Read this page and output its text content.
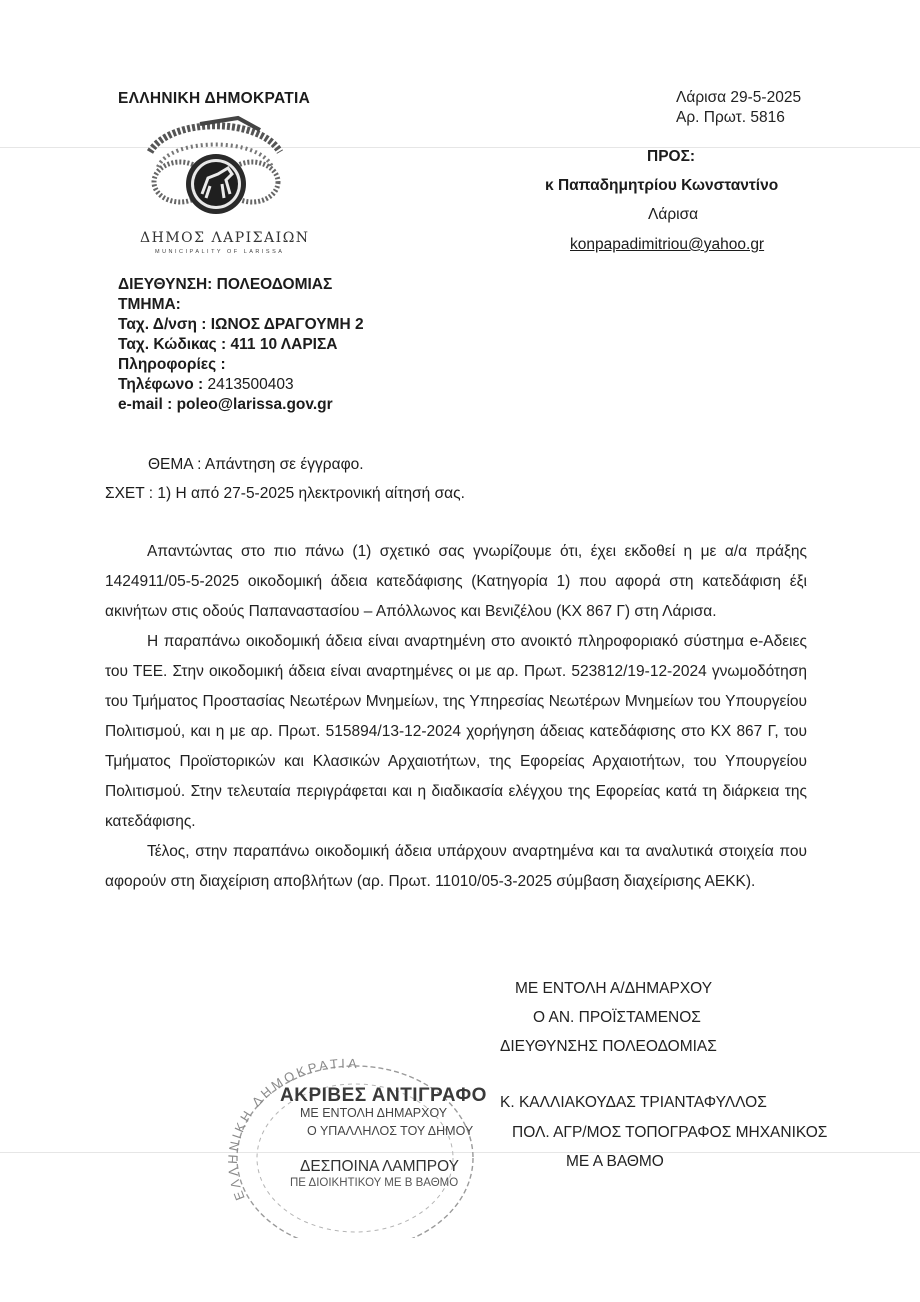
ΕΛΛΗΝΙΚΗ ΔΗΜΟΚΡΑΤΙΑ
ΔΗΜΟΣ ΛΑΡΙΣΑΙΩΝ
MUNICIPALITY OF LARISSA
Λάρισα 29-5-2025
Αρ. Πρωτ. 5816
ΠΡΟΣ:
κ Παπαδημητρίου Κωνσταντίνο
Λάρισα
konpapadimitriou@yahoo.gr
ΔΙΕΥΘΥΝΣΗ: ΠΟΛΕΟΔΟΜΙΑΣ
ΤΜΗΜΑ:
Ταχ. Δ/νση : ΙΩΝΟΣ ΔΡΑΓΟΥΜΗ 2
Ταχ. Κώδικας : 411 10 ΛΑΡΙΣΑ
Πληροφορίες :
Τηλέφωνο : 2413500403
e-mail : poleo@larissa.gov.gr
ΘΕΜΑ : Απάντηση σε έγγραφο.
ΣΧΕΤ : 1) Η από 27-5-2025 ηλεκτρονική αίτησή σας.

Απαντώντας στο πιο πάνω (1) σχετικό σας γνωρίζουμε ότι, έχει εκδοθεί η με α/α πράξης 1424911/05-5-2025 οικοδομική άδεια κατεδάφισης (Κατηγορία 1) που αφορά στη κατεδάφιση έξι ακινήτων στις οδούς Παπαναστασίου – Απόλλωνος και Βενιζέλου (ΚΧ 867 Γ) στη Λάρισα.

Η παραπάνω οικοδομική άδεια είναι αναρτημένη στο ανοικτό πληροφοριακό σύστημα e-Αδειες του ΤΕΕ. Στην οικοδομική άδεια είναι αναρτημένες οι με αρ. Πρωτ. 523812/19-12-2024 γνωμοδότηση του Τμήματος Προστασίας Νεωτέρων Μνημείων, της Υπηρεσίας Νεωτέρων Μνημείων του Υπουργείου Πολιτισμού, και η με αρ. Πρωτ. 515894/13-12-2024 χορήγηση άδειας κατεδάφισης στο ΚΧ 867 Γ, του Τμήματος Προϊστορικών και Κλασικών Αρχαιοτήτων, της Εφορείας Αρχαιοτήτων, του Υπουργείου Πολιτισμού. Στην τελευταία περιγράφεται και η διαδικασία ελέγχου της Εφορείας κατά τη διάρκεια της κατεδάφισης.

Τέλος, στην παραπάνω οικοδομική άδεια υπάρχουν αναρτημένα και τα αναλυτικά στοιχεία που αφορούν στη διαχείριση αποβλήτων (αρ. Πρωτ. 11010/05-3-2025 σύμβαση διαχείρισης ΑΕΚΚ).

ΕΛΛΗΝΙΚΗ ΔΗΜΟΚΡΑΤΙΑ
ΑΚΡΙΒΕΣ ΑΝΤΙΓΡΑΦΟ
ΜΕ ΕΝΤΟΛΗ ΔΗΜΑΡΧΟΥ
Ο ΥΠΑΛΛΗΛΟΣ ΤΟΥ ΔΗΜΟΥ
ΔΕΣΠΟΙΝΑ ΛΑΜΠΡΟΥ
ΠΕ ΔΙΟΙΚΗΤΙΚΟΥ ΜΕ Β ΒΑΘΜΟ
ΜΕ ΕΝΤΟΛΗ Α/ΔΗΜΑΡΧΟΥ
Ο ΑΝ. ΠΡΟΪΣΤΑΜΕΝΟΣ
ΔΙΕΥΘΥΝΣΗΣ ΠΟΛΕΟΔΟΜΙΑΣ
Κ. ΚΑΛΛΙΑΚΟΥΔΑΣ ΤΡΙΑΝΤΑΦΥΛΛΟΣ
ΠΟΛ. ΑΓΡ/ΜΟΣ ΤΟΠΟΓΡΑΦΟΣ ΜΗΧΑΝΙΚΟΣ
ΜΕ Α ΒΑΘΜΟ
